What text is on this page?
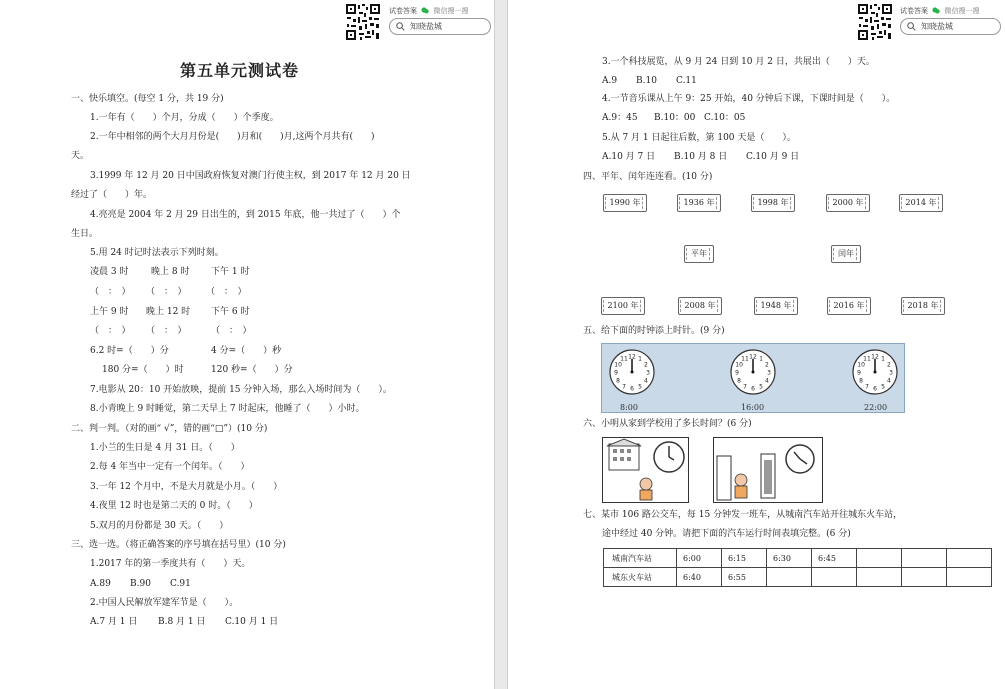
试卷答案 微信搜一搜
知晓盐城
第五单元测试卷
一、快乐填空。(每空 1 分，共 19 分)
1.一年有（　　）个月，分成（　　）个季度。
2.一年中相邻的两个大月月份是(　　)月和(　　)月,这两个月共有(　　)
天。
3.1999 年 12 月 20 日中国政府恢复对澳门行使主权，到 2017 年 12 月 20 日
经过了（　　）年。
4.亮亮是 2004 年 2 月 29 日出生的，到 2015 年底，他一共过了（　　）个
生日。
5.用 24 时记时法表示下列时刻。
凌晨 3 时	晚上 8 时 下午 1 时
（　：　） （　：　） （　：　）
上午 9 时 晚上 12 时 下午 6 时
（　：　） （　：　）	（　：　）
6.2 时=（　　）分	4 分=（　　）秒
180 分=（　　）时	120 秒=（　　）分
7.电影从 20：10 开始放映，提前 15 分钟入场，那么入场时间为（　　）。
8.小青晚上 9 时睡觉，第二天早上 7 时起床，他睡了（　　）小时。
二、判一判。（对的画“ √”，错的画“□”）(10 分)
1.小兰的生日是 4 月 31 日。（　　）
2.每 4 年当中一定有一个闰年。（　　）
3.一年 12 个月中，不是大月就是小月。（　　）
4.夜里 12 时也是第二天的 0 时。（　　）
5.双月的月份都是 30 天。（　　）
三、选一选。（将正确答案的序号填在括号里）(10 分)
1.2017 年的第一季度共有（　　）天。
A.89 B.90 C.91
2.中国人民解放军建军节是（　　）。
A.7 月 1 日 B.8 月 1 日 C.10 月 1 日
试卷答案 微信搜一搜
知晓盐城
3.一个科技展览，从 9 月 24 日到 10 月 2 日，共展出（　　）天。
A.9 B.10 C.11
4.一节音乐课从上午 9：25 开始，40 分钟后下课，下课时间是（　　）。
A.9：45 B.10：00 C.10：05
5.从 7 月 1 日起往后数，第 100 天是（　　）。
A.10 月 7 日 B.10 月 8 日 C.10 月 9 日
四、平年、闰年连连看。(10 分)
1990 年	1936 年	1998 年	2000 年	2014 年
平年	闰年
2100 年	2008 年	1948 年	2016 年	2018 年
五、给下面的时钟添上时针。(9 分)
六、小明从家到学校用了多长时间？(6 分)
七、某市 106 路公交车，每 15 分钟发一班车，从城南汽车站开往城东火车站，
途中经过 40 分钟。请把下面的汽车运行时间表填完整。(6 分)
1
2
3
4
5
6
7
8
9
10
11 12	1
2
3
4
5
6
7
8
9
10
11 12	1
2
3
4
5
6
7
8
9
10
11 12
8:00	16:00	22:00
城南汽车站	6:00	6:15	6:30	6:45			
城东火车站	6:40	6:55					
